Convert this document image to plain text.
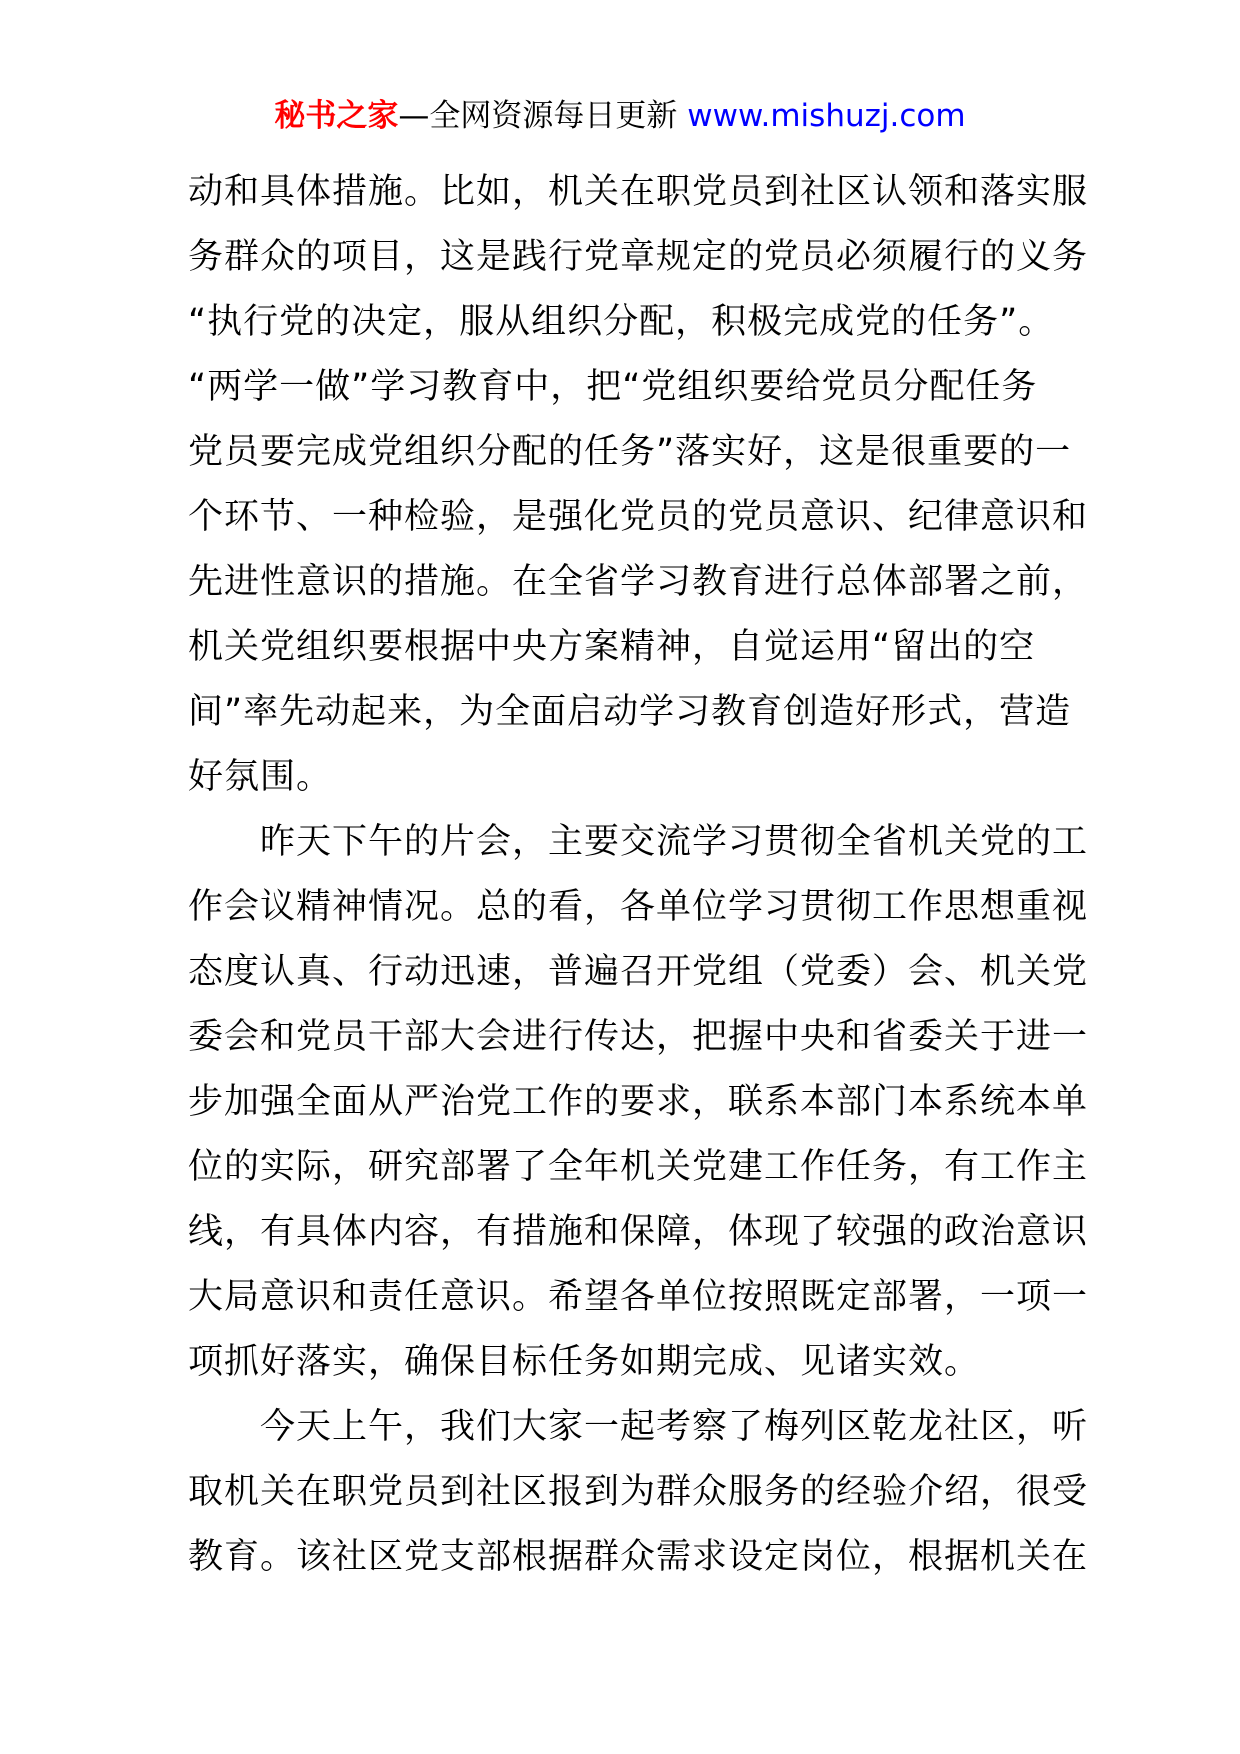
秘书之家—全网资源每日更新 www.mishuzj.com
动和具体措施。比如，机关在职党员到社区认领和落实服
务群众的项目，这是践行党章规定的党员必须履行的义务
“执行党的决定，服从组织分配，积极完成党的任务”。
“两学一做”学习教育中，把“党组织要给党员分配任务
党员要完成党组织分配的任务”落实好，这是很重要的一
个环节、一种检验，是强化党员的党员意识、纪律意识和
先进性意识的措施。在全省学习教育进行总体部署之前，
机关党组织要根据中央方案精神，自觉运用“留出的空
间”率先动起来，为全面启动学习教育创造好形式，营造
好氛围。
昨天下午的片会，主要交流学习贯彻全省机关党的工
作会议精神情况。总的看，各单位学习贯彻工作思想重视
态度认真、行动迅速，普遍召开党组（党委）会、机关党
委会和党员干部大会进行传达，把握中央和省委关于进一
步加强全面从严治党工作的要求，联系本部门本系统本单
位的实际，研究部署了全年机关党建工作任务，有工作主
线，有具体内容，有措施和保障，体现了较强的政治意识
大局意识和责任意识。希望各单位按照既定部署，一项一
项抓好落实，确保目标任务如期完成、见诸实效。
今天上午，我们大家一起考察了梅列区乾龙社区，听
取机关在职党员到社区报到为群众服务的经验介绍，很受
教育。该社区党支部根据群众需求设定岗位，根据机关在
